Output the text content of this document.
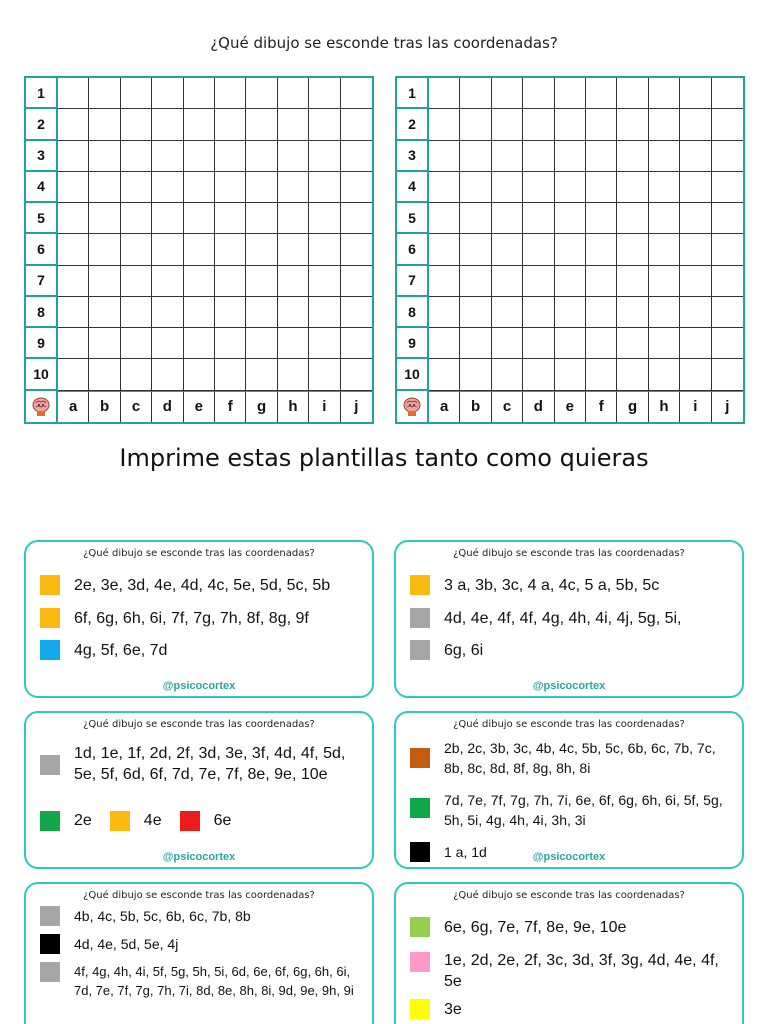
¿Qué dibujo se esconde tras las coordenadas?
1
2
3
4
5
6
7
8
9
10
a	b	c	d	e	f	g	h	i	j
1
2
3
4
5
6
7
8
9
10
a	b	c	d	e	f	g	h	i	j
Imprime estas plantillas tanto como quieras
¿Qué dibujo se esconde tras las coordenadas?
2e, 3e, 3d, 4e, 4d, 4c, 5e, 5d, 5c, 5b
6f, 6g, 6h, 6i, 7f, 7g, 7h, 8f, 8g, 9f
4g, 5f, 6e, 7d
@psicocortex
¿Qué dibujo se esconde tras las coordenadas?
3 a, 3b, 3c, 4 a, 4c, 5 a, 5b, 5c
4d, 4e, 4f, 4f, 4g, 4h, 4i, 4j, 5g, 5i,
6g, 6i
@psicocortex
¿Qué dibujo se esconde tras las coordenadas?
1d, 1e, 1f, 2d, 2f, 3d, 3e, 3f, 4d, 4f, 5d, 5e, 5f, 6d, 6f, 7d, 7e, 7f, 8e, 9e, 10e
2e	4e	6e
@psicocortex
¿Qué dibujo se esconde tras las coordenadas?
2b, 2c, 3b, 3c, 4b, 4c, 5b, 5c, 6b, 6c, 7b, 7c, 8b, 8c, 8d, 8f, 8g, 8h, 8i
7d, 7e, 7f, 7g, 7h, 7i, 6e, 6f, 6g, 6h, 6i, 5f, 5g, 5h, 5i, 4g, 4h, 4i, 3h, 3i
1 a, 1d	@psicocortex
¿Qué dibujo se esconde tras las coordenadas?
4b, 4c, 5b, 5c, 6b, 6c, 7b, 8b
4d, 4e, 5d, 5e, 4j
4f, 4g, 4h, 4i, 5f, 5g, 5h, 5i, 6d, 6e, 6f, 6g, 6h, 6i, 7d, 7e, 7f, 7g, 7h, 7i, 8d, 8e, 8h, 8i, 9d, 9e, 9h, 9i
¿Qué dibujo se esconde tras las coordenadas?
6e, 6g, 7e, 7f, 8e, 9e, 10e
1e, 2d, 2e, 2f, 3c, 3d, 3f, 3g, 4d, 4e, 4f, 5e
3e
